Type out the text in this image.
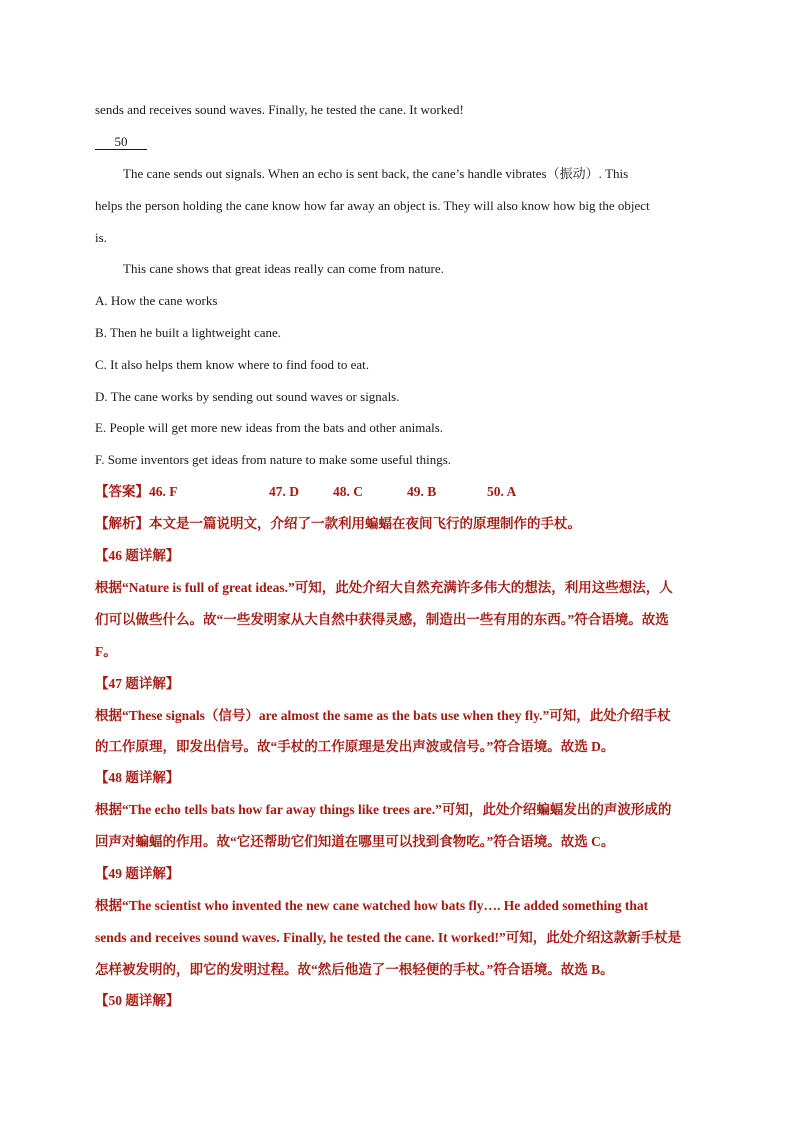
sends and receives sound waves. Finally, he tested the cane. It worked!
50
The cane sends out signals. When an echo is sent back, the cane’s handle vibrates（振动）. This
helps the person holding the cane know how far away an object is. They will also know how big the object
is.
This cane shows that great ideas really can come from nature.
A. How the cane works
B. Then he built a lightweight cane.
C. It also helps them know where to find food to eat.
D. The cane works by sending out sound waves or signals.
E. People will get more new ideas from the bats and other animals.
F. Some inventors get ideas from nature to make some useful things.
【答案】46. F	47. D	48. C	49. B	50. A
【解析】本文是一篇说明文，介绍了一款利用蝙蝠在夜间飞行的原理制作的手杖。
【46 题详解】
根据“Nature is full of great ideas.”可知，此处介绍大自然充满许多伟大的想法，利用这些想法，人
们可以做些什么。故“一些发明家从大自然中获得灵感，制造出一些有用的东西。”符合语境。故选
F。
【47 题详解】
根据“These signals（信号）are almost the same as the bats use when they fly.”可知，此处介绍手杖
的工作原理，即发出信号。故“手杖的工作原理是发出声波或信号。”符合语境。故选 D。
【48 题详解】
根据“The echo tells bats how far away things like trees are.”可知，此处介绍蝙蝠发出的声波形成的
回声对蝙蝠的作用。故“它还帮助它们知道在哪里可以找到食物吃。”符合语境。故选 C。
【49 题详解】
根据“The scientist who invented the new cane watched how bats fly…. He added something that
sends and receives sound waves. Finally, he tested the cane. It worked!”可知，此处介绍这款新手杖是
怎样被发明的，即它的发明过程。故“然后他造了一根轻便的手杖。”符合语境。故选 B。
【50 题详解】
